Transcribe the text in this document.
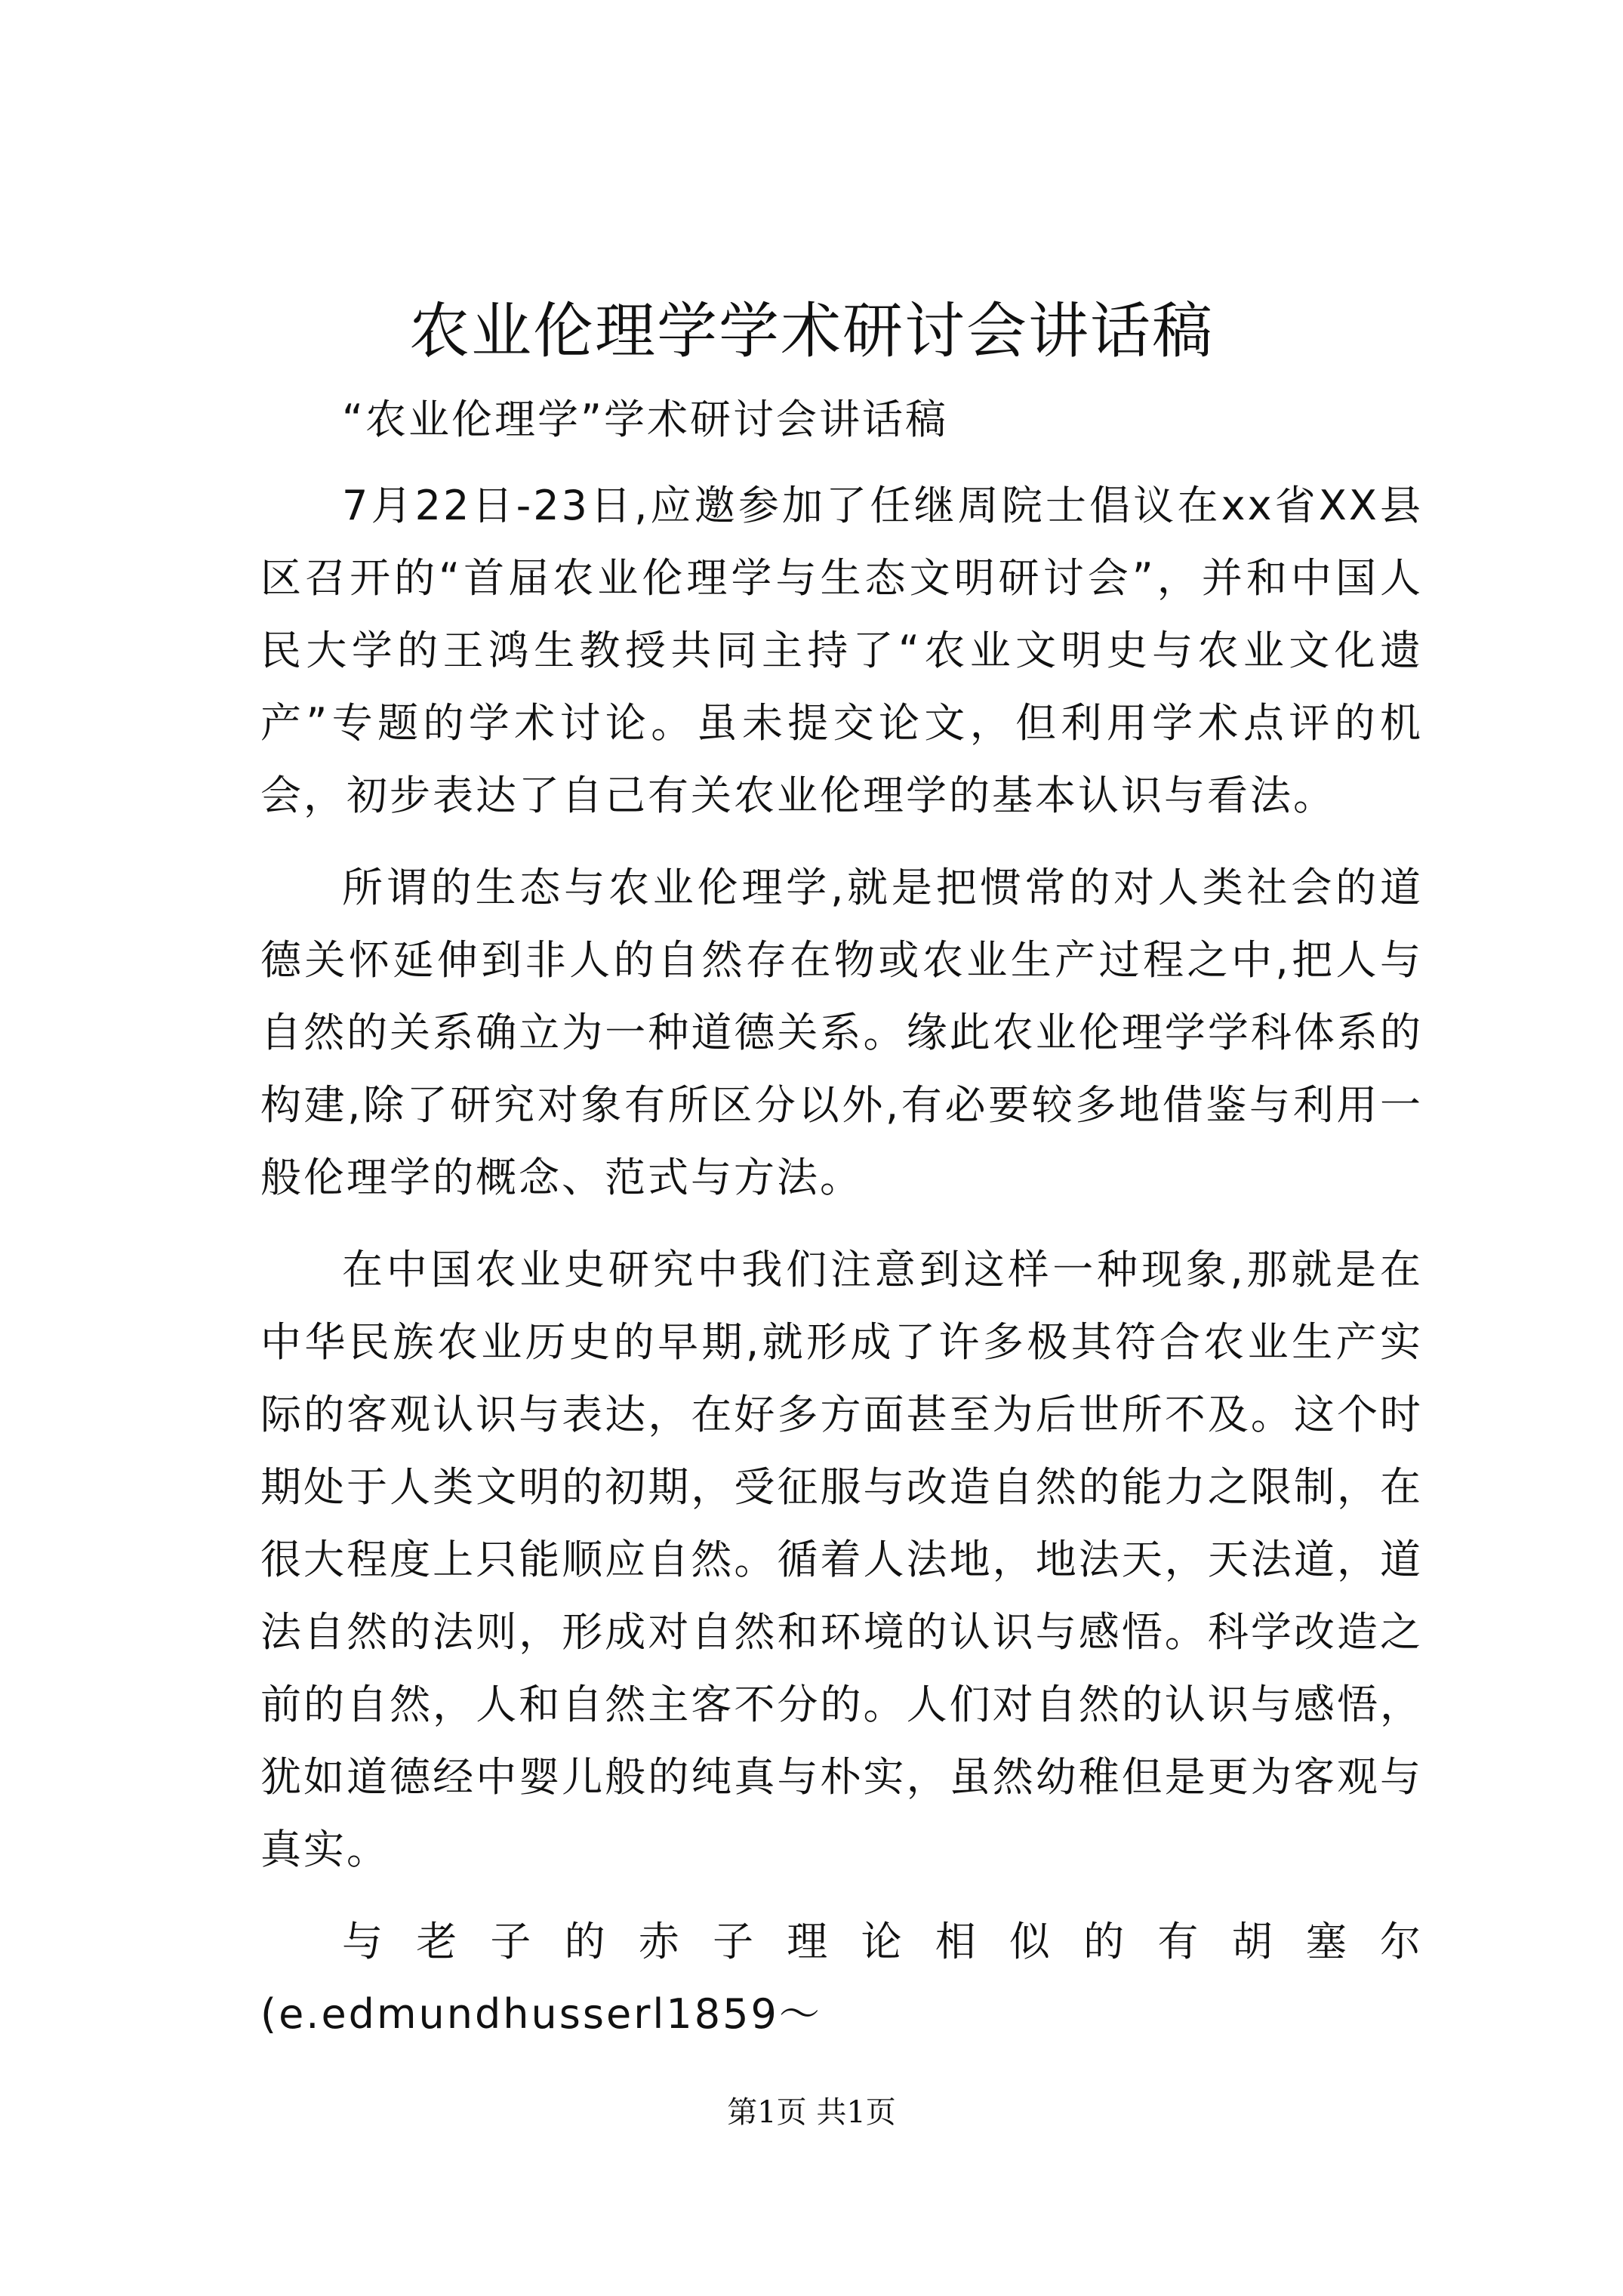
农业伦理学学术研讨会讲话稿

“农业伦理学”学术研讨会讲话稿

7月22日-23日,应邀参加了任继周院士倡议在xx省XX县区召开的“首届农业伦理学与生态文明研讨会”，并和中国人民大学的王鸿生教授共同主持了“农业文明史与农业文化遗产”专题的学术讨论。虽未提交论文，但利用学术点评的机会，初步表达了自己有关农业伦理学的基本认识与看法。

所谓的生态与农业伦理学,就是把惯常的对人类社会的道德关怀延伸到非人的自然存在物或农业生产过程之中,把人与自然的关系确立为一种道德关系。缘此农业伦理学学科体系的构建,除了研究对象有所区分以外,有必要较多地借鉴与利用一般伦理学的概念、范式与方法。

在中国农业史研究中我们注意到这样一种现象,那就是在中华民族农业历史的早期,就形成了许多极其符合农业生产实际的客观认识与表达，在好多方面甚至为后世所不及。这个时期处于人类文明的初期，受征服与改造自然的能力之限制，在很大程度上只能顺应自然。循着人法地，地法天，天法道，道法自然的法则，形成对自然和环境的认识与感悟。科学改造之前的自然，人和自然主客不分的。人们对自然的认识与感悟，犹如道德经中婴儿般的纯真与朴实，虽然幼稚但是更为客观与真实。

与老子的赤子理论相似的有胡塞尔(e.edmundhusserl1859～

第1页 共1页
